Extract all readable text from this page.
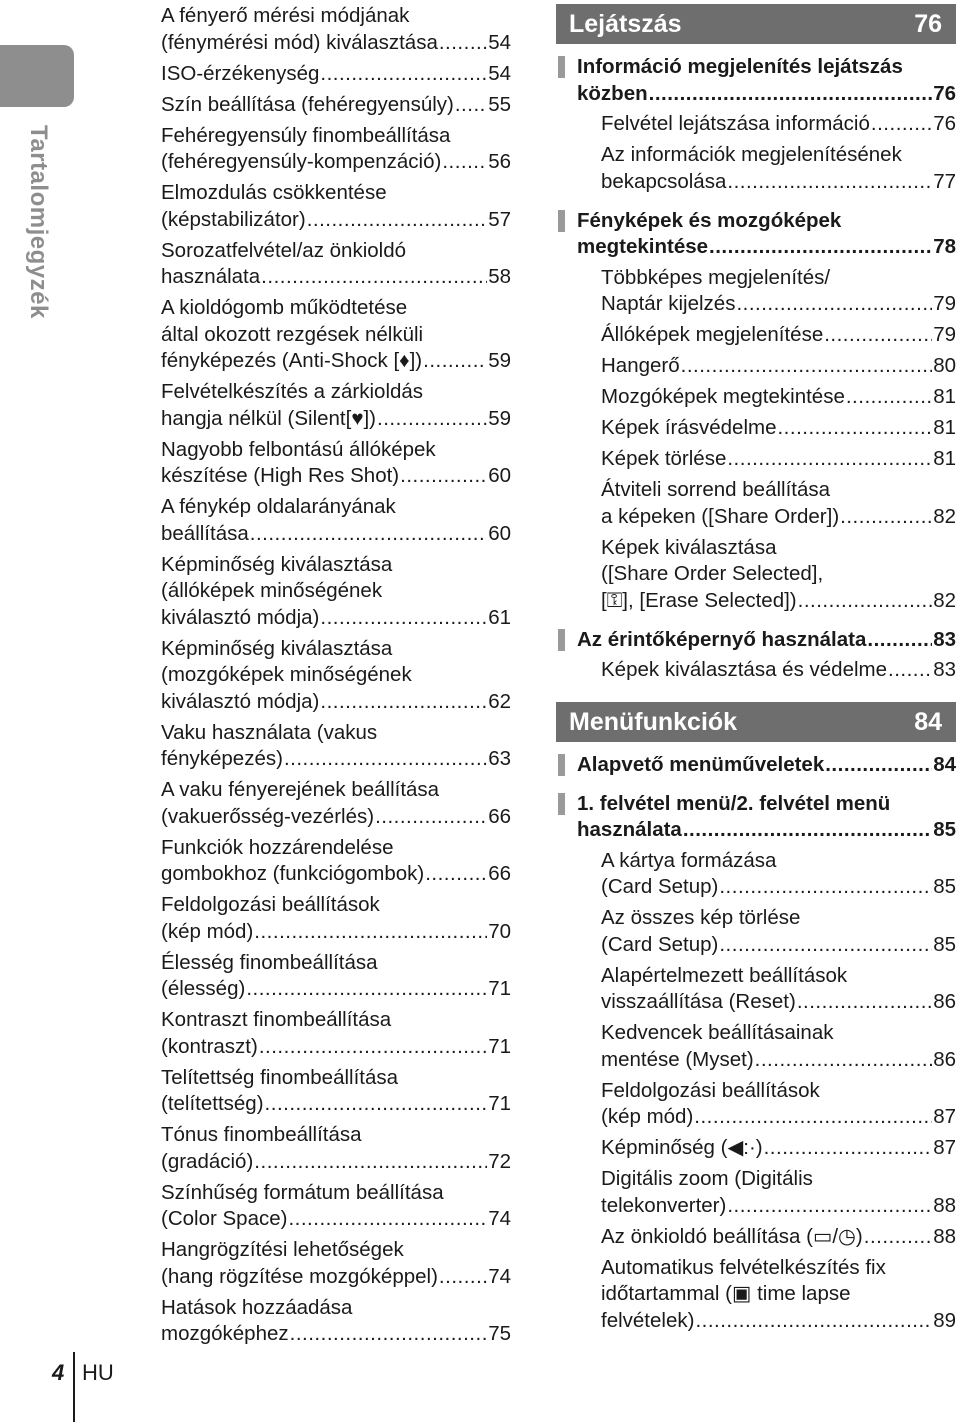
Tartalomjegyzék
A fényerő mérési módjának
(fénymérési mód) kiválasztása ..... 54
ISO-érzékenység .....	54
Szín beállítása (fehéregyensúly) ..... 55
Fehéregyensúly finombeállítása
(fehéregyensúly-kompenzáció) ..... 56
Elmozdulás csökkentése
(képstabilizátor) .....	57
Sorozatfelvétel/az önkioldó
használata .....	58
A kioldógomb működtetése
által okozott rezgések nélküli
fényképezés (Anti-Shock [♦]) .....	59
Felvételkészítés a zárkioldás
hangja nélkül (Silent[♥]) .....	59
Nagyobb felbontású állóképek
készítése (High Res Shot) .....	60
A fénykép oldalarányának
beállítása .....	60
Képminőség kiválasztása
(állóképek minőségének
kiválasztó módja) .....	61
Képminőség kiválasztása
(mozgóképek minőségének
kiválasztó módja) .....	62
Vaku használata (vakus
fényképezés) .....	63
A vaku fényerejének beállítása
(vakuerősség-vezérlés) .....	66
Funkciók hozzárendelése
gombokhoz (funkciógombok) .....	66
Feldolgozási beállítások
(kép mód) .....	70
Élesség finombeállítása
(élesség) .....	71
Kontraszt finombeállítása
(kontraszt) .....	71
Telítettség finombeállítása
(telítettség) .....	71
Tónus finombeállítása
(gradáció) .....	72
Színhűség formátum beállítása
(Color Space) .....	74
Hangrögzítési lehetőségek
(hang rögzítése mozgóképpel) ..... 74
Hatások hozzáadása
mozgóképhez .....	75
Lejátszás	76
Információ megjelenítés lejátszás
közben .....	76
Felvétel lejátszása információ .....	76
Az információk megjelenítésének
bekapcsolása .....	77
Fényképek és mozgóképek
megtekintése .....	78
Többképes megjelenítés/
Naptár kijelzés .....	79
Állóképek megjelenítése .....	79
Hangerő .....	80
Mozgóképek megtekintése .....	81
Képek írásvédelme .....	81
Képek törlése .....	81
Átviteli sorrend beállítása
a képeken ([Share Order]) .....	82
Képek kiválasztása
([Share Order Selected],
[⚿], [Erase Selected]) .....	82
Az érintőképernyő használata .....	83
Képek kiválasztása és védelme ..... 83
Menüfunkciók	84
Alapvető menüműveletek .....	84
1. felvétel menü/2. felvétel menü
használata .....	85
A kártya formázása
(Card Setup) .....	85
Az összes kép törlése
(Card Setup) .....	85
Alapértelmezett beállítások
visszaállítása (Reset) .....	86
Kedvencek beállításainak
mentése (Myset) .....	86
Feldolgozási beállítások
(kép mód) .....	87
Képminőség (◀:·) .....	87
Digitális zoom (Digitális
telekonverter) .....	88
Az önkioldó beállítása (▭/◷) .....	88
Automatikus felvételkészítés fix
időtartammal (▣ time lapse
felvételek) .....	89
4 HU
